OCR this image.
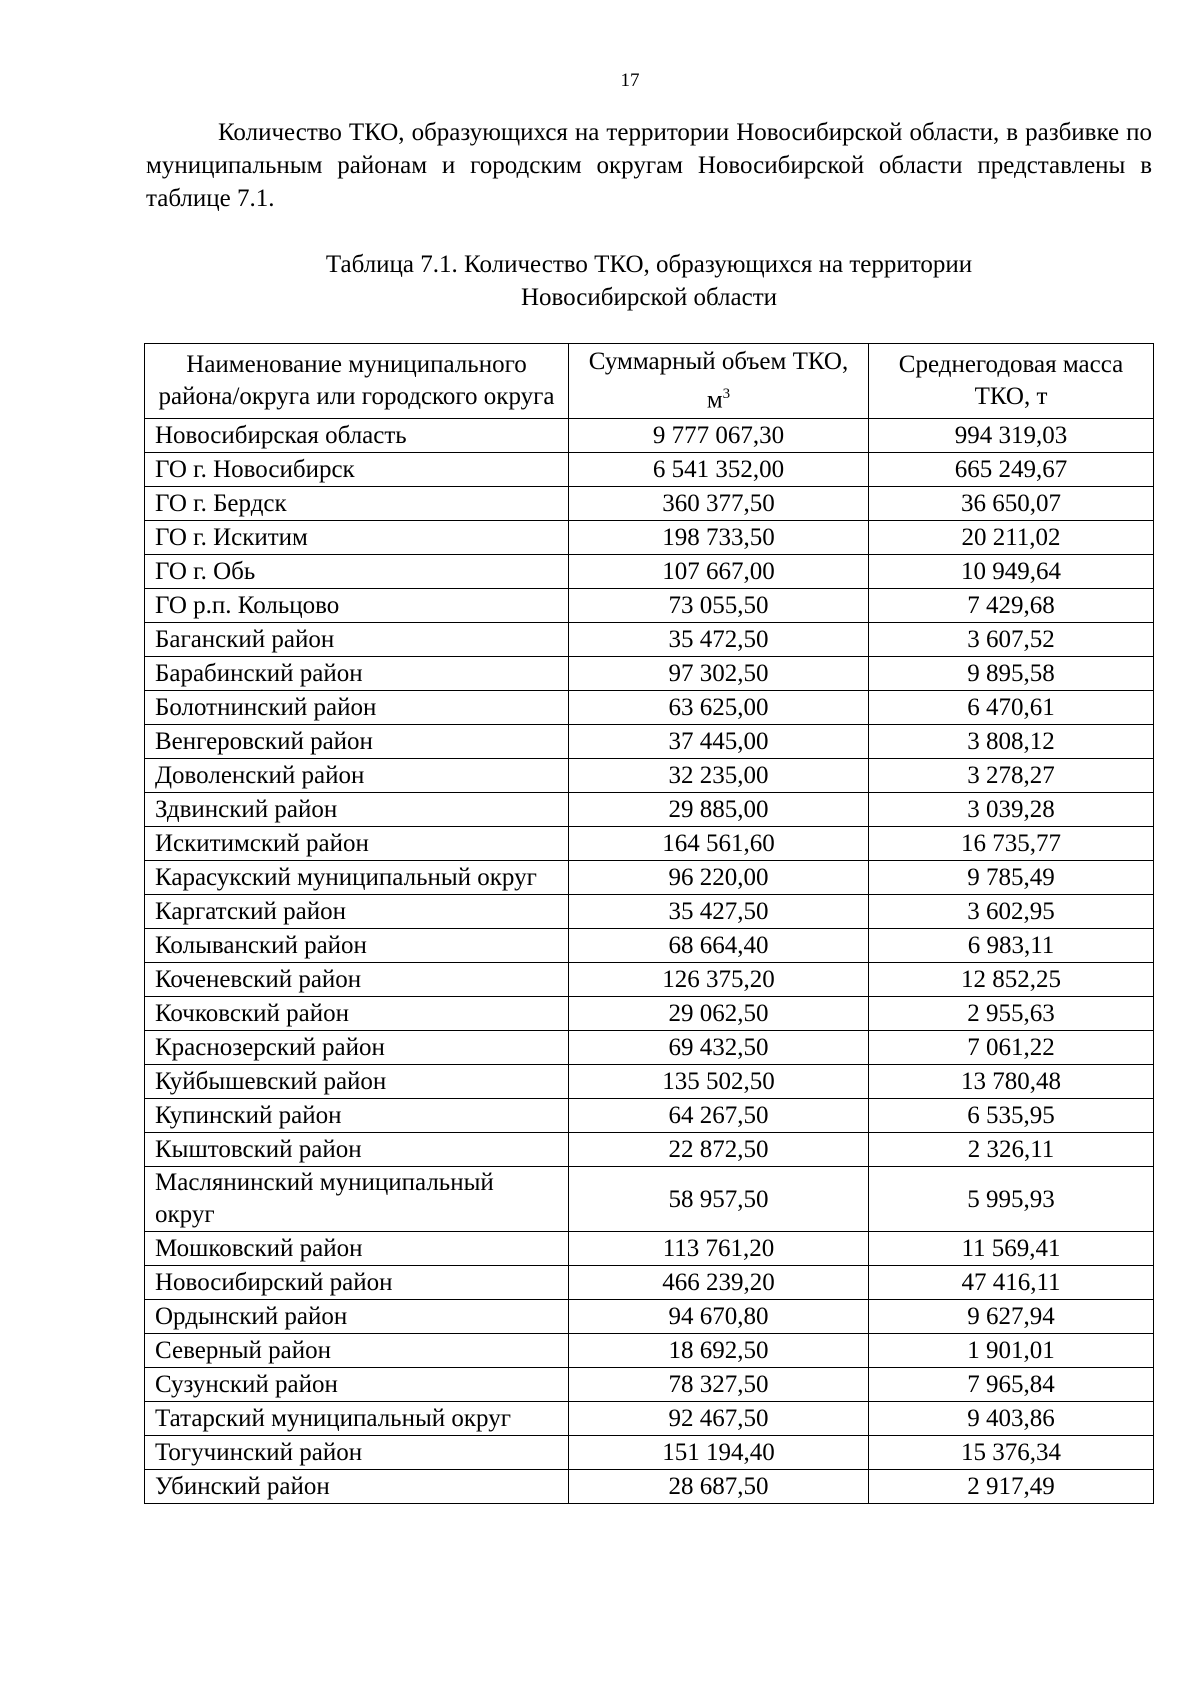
17

Количество ТКО, образующихся на территории Новосибирской области, в разбивке по муниципальным районам и городским округам Новосибирской области представлены в таблице 7.1.

Таблица 7.1. Количество ТКО, образующихся на территории
Новосибирской области
Наименование муниципального района/округа или городского округа	Суммарный объем ТКО, $м^3$	Среднегодовая масса ТКО, т
Новосибирская область	9 777 067,30	994 319,03
ГО г. Новосибирск	6 541 352,00	665 249,67
ГО г. Бердск	360 377,50	36 650,07
ГО г. Искитим	198 733,50	20 211,02
ГО г. Обь	107 667,00	10 949,64
ГО р.п. Кольцово	73 055,50	7 429,68
Баганский район	35 472,50	3 607,52
Барабинский район	97 302,50	9 895,58
Болотнинский район	63 625,00	6 470,61
Венгеровский район	37 445,00	3 808,12
Доволенский район	32 235,00	3 278,27
Здвинский район	29 885,00	3 039,28
Искитимский район	164 561,60	16 735,77
Карасукский муниципальный округ	96 220,00	9 785,49
Каргатский район	35 427,50	3 602,95
Колыванский район	68 664,40	6 983,11
Коченевский район	126 375,20	12 852,25
Кочковский район	29 062,50	2 955,63
Краснозерский район	69 432,50	7 061,22
Куйбышевский район	135 502,50	13 780,48
Купинский район	64 267,50	6 535,95
Кыштовский район	22 872,50	2 326,11
Маслянинский муниципальный округ	58 957,50	5 995,93
Мошковский район	113 761,20	11 569,41
Новосибирский район	466 239,20	47 416,11
Ордынский район	94 670,80	9 627,94
Северный район	18 692,50	1 901,01
Сузунский район	78 327,50	7 965,84
Татарский муниципальный округ	92 467,50	9 403,86
Тогучинский район	151 194,40	15 376,34
Убинский район	28 687,50	2 917,49
